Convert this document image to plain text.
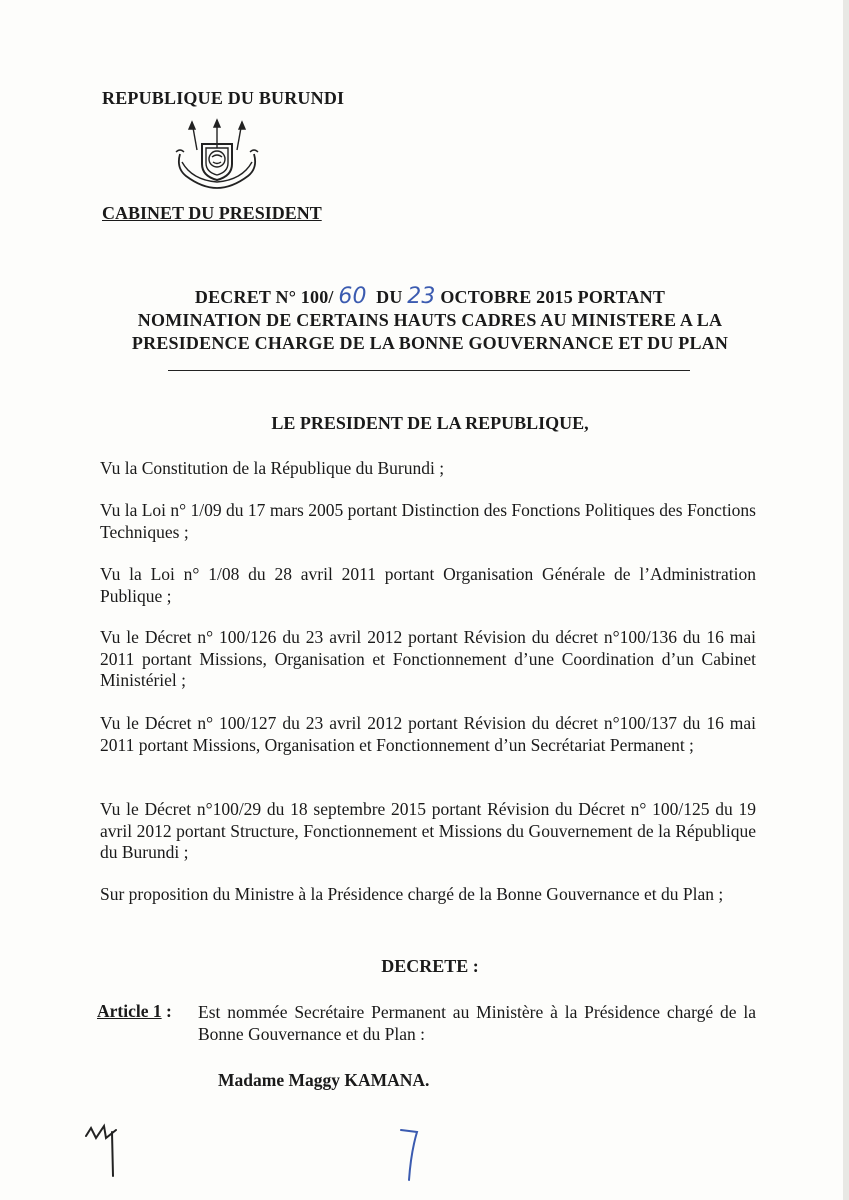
REPUBLIQUE DU BURUNDI
CABINET DU PRESIDENT
DECRET N° 100/ 60 DU 23 OCTOBRE 2015 PORTANT
NOMINATION DE CERTAINS HAUTS CADRES AU MINISTERE A LA
PRESIDENCE CHARGE DE LA BONNE GOUVERNANCE ET DU PLAN
LE PRESIDENT DE LA REPUBLIQUE,
Vu la Constitution de la République du Burundi ;
Vu la Loi n° 1/09 du 17 mars 2005 portant Distinction des Fonctions Politiques des Fonctions Techniques ;
Vu la Loi n° 1/08 du 28 avril 2011 portant Organisation Générale de l’Administration Publique ;
Vu le Décret n° 100/126 du 23 avril 2012 portant Révision du décret n°100/136 du 16 mai 2011 portant Missions, Organisation et Fonctionnement d’une Coordination d’un Cabinet Ministériel ;
Vu le Décret n° 100/127 du 23 avril 2012 portant Révision du décret n°100/137 du 16 mai 2011 portant Missions, Organisation et Fonctionnement d’un Secrétariat Permanent ;
Vu le Décret n°100/29 du 18 septembre 2015 portant Révision du Décret n° 100/125 du 19 avril 2012 portant Structure, Fonctionnement et Missions du Gouvernement de la République du Burundi ;
Sur proposition du Ministre à la Présidence chargé de la Bonne Gouvernance et du Plan ;
DECRETE :
Article 1 : Est nommée Secrétaire Permanent au Ministère à la Présidence chargé de la Bonne Gouvernance et du Plan :
Madame Maggy KAMANA.
